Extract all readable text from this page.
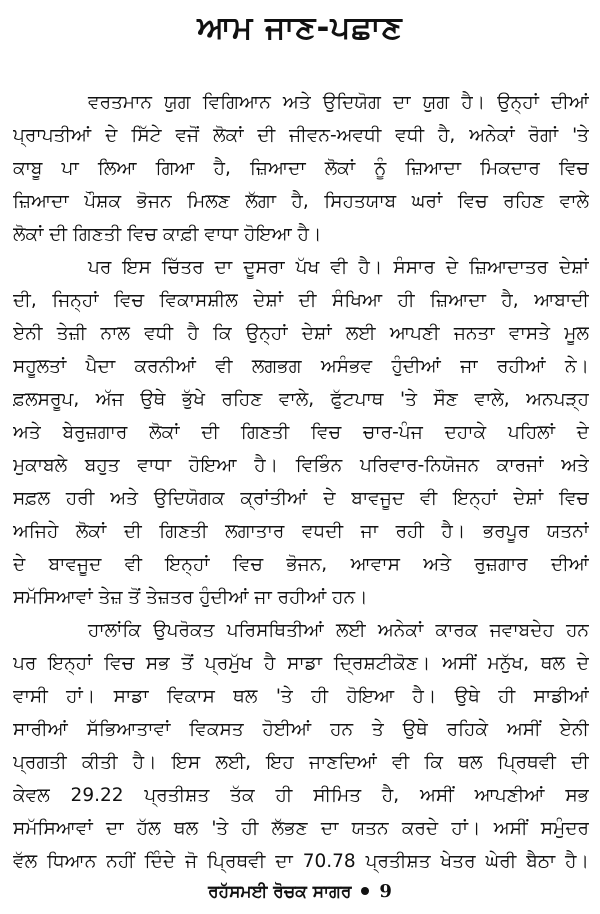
ਆਮ ਜਾਣ-ਪਛਾਣ
ਵਰਤਮਾਨ ਯੁਗ ਵਿਗਿਆਨ ਅਤੇ ਉਦਿਯੋਗ ਦਾ ਯੁਗ ਹੈ। ਉਨ੍ਹਾਂ ਦੀਆਂ
ਪ੍ਰਾਪਤੀਆਂ ਦੇ ਸਿੱਟੇ ਵਜੋਂ ਲੋਕਾਂ ਦੀ ਜੀਵਨ-ਅਵਧੀ ਵਧੀ ਹੈ, ਅਨੇਕਾਂ ਰੋਗਾਂ 'ਤੇ
ਕਾਬੂ ਪਾ ਲਿਆ ਗਿਆ ਹੈ, ਜ਼ਿਆਦਾ ਲੋਕਾਂ ਨੂੰ ਜ਼ਿਆਦਾ ਮਿਕਦਾਰ ਵਿਚ
ਜ਼ਿਆਦਾ ਪੌਸ਼ਕ ਭੋਜਨ ਮਿਲਣ ਲੱਗਾ ਹੈ, ਸਿਹਤਯਾਬ ਘਰਾਂ ਵਿਚ ਰਹਿਣ ਵਾਲੇ
ਲੋਕਾਂ ਦੀ ਗਿਣਤੀ ਵਿਚ ਕਾਫ਼ੀ ਵਾਧਾ ਹੋਇਆ ਹੈ।
ਪਰ ਇਸ ਚਿੱਤਰ ਦਾ ਦੂਸਰਾ ਪੱਖ ਵੀ ਹੈ। ਸੰਸਾਰ ਦੇ ਜ਼ਿਆਦਾਤਰ ਦੇਸ਼ਾਂ
ਦੀ, ਜਿਨ੍ਹਾਂ ਵਿਚ ਵਿਕਾਸਸ਼ੀਲ ਦੇਸ਼ਾਂ ਦੀ ਸੰਖਿਆ ਹੀ ਜ਼ਿਆਦਾ ਹੈ, ਆਬਾਦੀ
ਏਨੀ ਤੇਜ਼ੀ ਨਾਲ ਵਧੀ ਹੈ ਕਿ ਉਨ੍ਹਾਂ ਦੇਸ਼ਾਂ ਲਈ ਆਪਣੀ ਜਨਤਾ ਵਾਸਤੇ ਮੂਲ
ਸਹੂਲਤਾਂ ਪੈਦਾ ਕਰਨੀਆਂ ਵੀ ਲਗਭਗ ਅਸੰਭਵ ਹੁੰਦੀਆਂ ਜਾ ਰਹੀਆਂ ਨੇ।
ਫ਼ਲਸਰੂਪ, ਅੱਜ ਉਥੇ ਭੁੱਖੇ ਰਹਿਣ ਵਾਲੇ, ਫੁੱਟਪਾਥ 'ਤੇ ਸੌਣ ਵਾਲੇ, ਅਨਪੜ੍ਹ
ਅਤੇ ਬੇਰੁਜ਼ਗਾਰ ਲੋਕਾਂ ਦੀ ਗਿਣਤੀ ਵਿਚ ਚਾਰ-ਪੰਜ ਦਹਾਕੇ ਪਹਿਲਾਂ ਦੇ
ਮੁਕਾਬਲੇ ਬਹੁਤ ਵਾਧਾ ਹੋਇਆ ਹੈ। ਵਿਭਿੰਨ ਪਰਿਵਾਰ-ਨਿਯੋਜਨ ਕਾਰਜਾਂ ਅਤੇ
ਸਫ਼ਲ ਹਰੀ ਅਤੇ ਉਦਿਯੋਗਕ ਕ੍ਰਾਂਤੀਆਂ ਦੇ ਬਾਵਜੂਦ ਵੀ ਇਨ੍ਹਾਂ ਦੇਸ਼ਾਂ ਵਿਚ
ਅਜਿਹੇ ਲੋਕਾਂ ਦੀ ਗਿਣਤੀ ਲਗਾਤਾਰ ਵਧਦੀ ਜਾ ਰਹੀ ਹੈ। ਭਰਪੂਰ ਯਤਨਾਂ
ਦੇ ਬਾਵਜੂਦ ਵੀ ਇਨ੍ਹਾਂ ਵਿਚ ਭੋਜਨ, ਆਵਾਸ ਅਤੇ ਰੁਜ਼ਗਾਰ ਦੀਆਂ
ਸਮੱਸਿਆਵਾਂ ਤੇਜ਼ ਤੋਂ ਤੇਜ਼ਤਰ ਹੁੰਦੀਆਂ ਜਾ ਰਹੀਆਂ ਹਨ।
ਹਾਲਾਂਕਿ ਉਪਰੋਕਤ ਪਰਿਸਥਿਤੀਆਂ ਲਈ ਅਨੇਕਾਂ ਕਾਰਕ ਜਵਾਬਦੇਹ ਹਨ
ਪਰ ਇਨ੍ਹਾਂ ਵਿਚ ਸਭ ਤੋਂ ਪ੍ਰਮੁੱਖ ਹੈ ਸਾਡਾ ਦ੍ਰਿਸ਼ਟੀਕੋਣ। ਅਸੀਂ ਮਨੁੱਖ, ਥਲ ਦੇ
ਵਾਸੀ ਹਾਂ। ਸਾਡਾ ਵਿਕਾਸ ਥਲ 'ਤੇ ਹੀ ਹੋਇਆ ਹੈ। ਉਥੇ ਹੀ ਸਾਡੀਆਂ
ਸਾਰੀਆਂ ਸੱਭਿਆਤਾਵਾਂ ਵਿਕਸਤ ਹੋਈਆਂ ਹਨ ਤੇ ਉਥੇ ਰਹਿਕੇ ਅਸੀਂ ਏਨੀ
ਪ੍ਰਗਤੀ ਕੀਤੀ ਹੈ। ਇਸ ਲਈ, ਇਹ ਜਾਣਦਿਆਂ ਵੀ ਕਿ ਥਲ ਪ੍ਰਿਥਵੀ ਦੀ
ਕੇਵਲ 29.22 ਪ੍ਰਤੀਸ਼ਤ ਤੱਕ ਹੀ ਸੀਮਿਤ ਹੈ, ਅਸੀਂ ਆਪਣੀਆਂ ਸਭ
ਸਮੱਸਿਆਵਾਂ ਦਾ ਹੱਲ ਥਲ 'ਤੇ ਹੀ ਲੱਭਣ ਦਾ ਯਤਨ ਕਰਦੇ ਹਾਂ। ਅਸੀਂ ਸਮੁੰਦਰ
ਵੱਲ ਧਿਆਨ ਨਹੀਂ ਦਿੰਦੇ ਜੋ ਪ੍ਰਿਥਵੀ ਦਾ 70.78 ਪ੍ਰਤੀਸ਼ਤ ਖੇਤਰ ਘੇਰੀ ਬੈਠਾ ਹੈ।
ਰਹੱਸਮਈ ਰੋਚਕ ਸਾਗਰ 9
